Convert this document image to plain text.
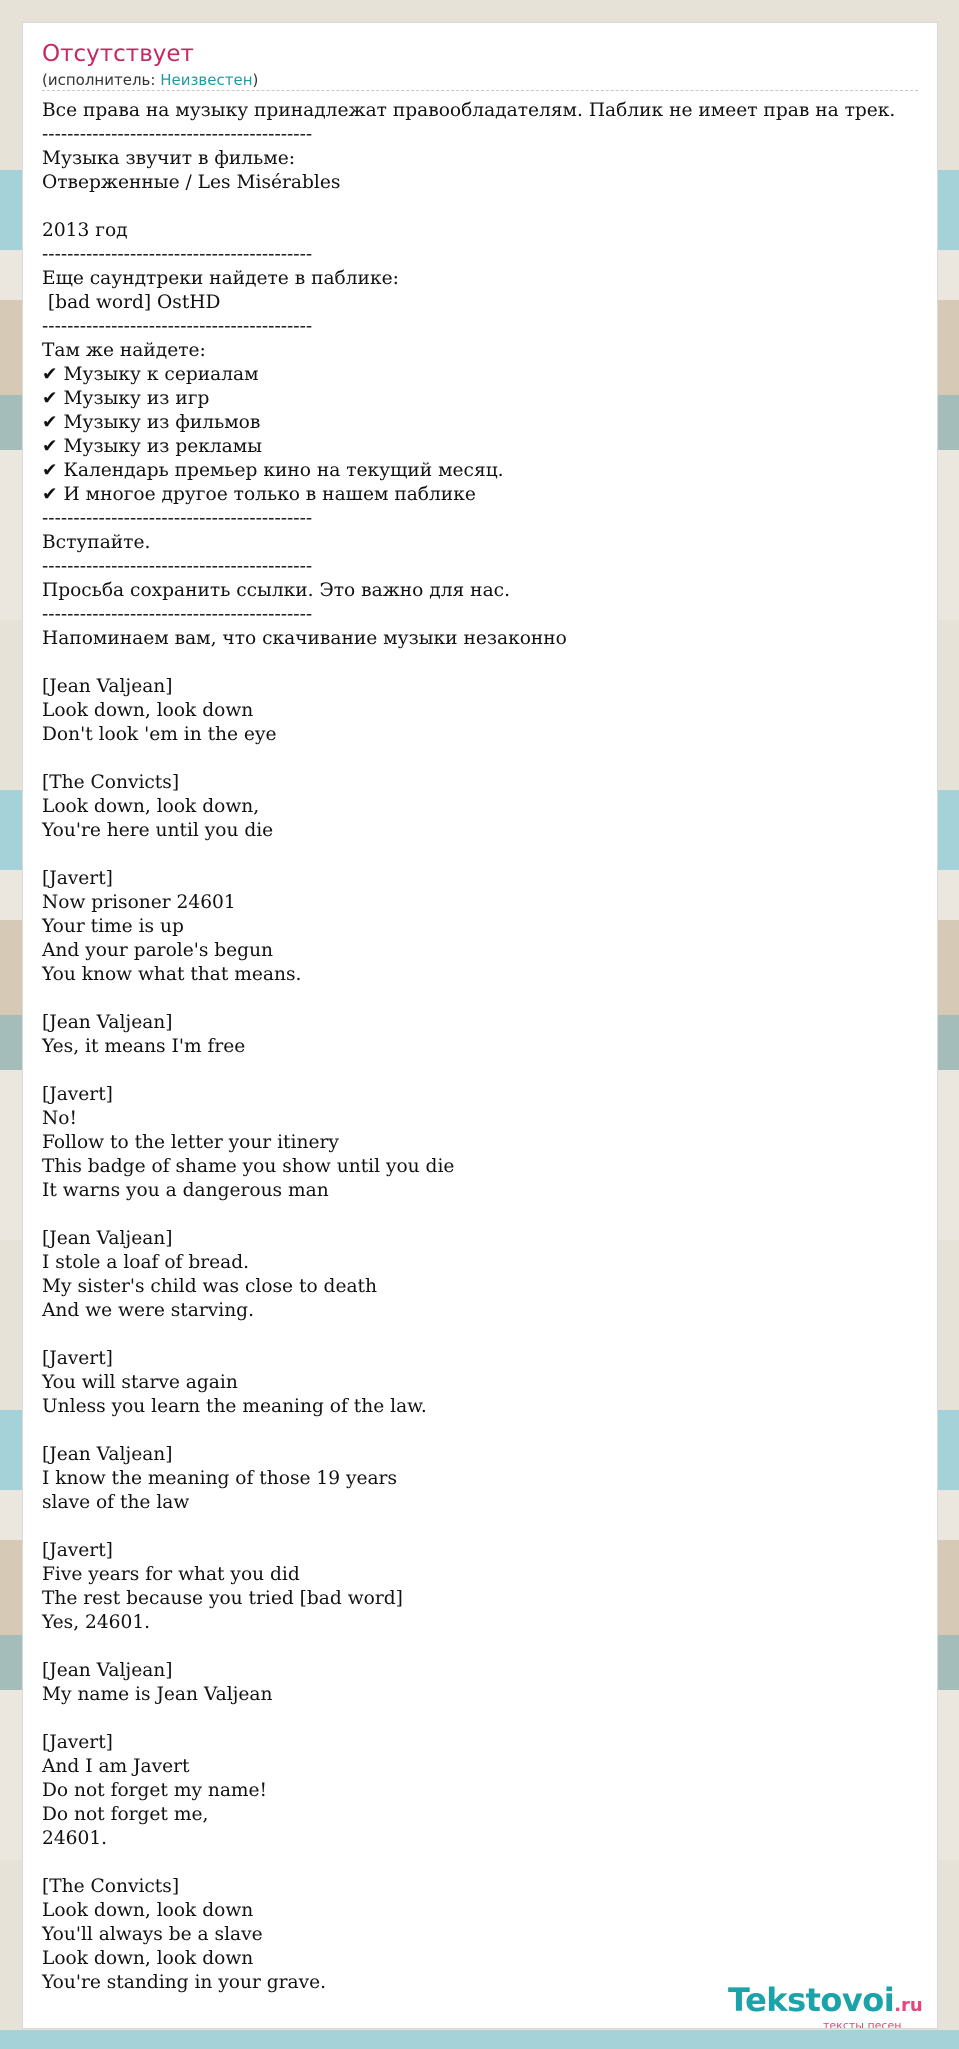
Отсутствует
(исполнитель: Неизвестен)
Все права на музыку принадлежат правообладателям. Паблик не имеет прав на трек.
-------------------------------------------
Музыка звучит в фильме:
Отверженные / Les Misérables

2013 год
-------------------------------------------
Еще саундтреки найдете в паблике:
[bad word] OstHD
-------------------------------------------
Там же найдете:
✔ Музыку к сериалам
✔ Музыку из игр
✔ Музыку из фильмов
✔ Музыку из рекламы
✔ Календарь премьер кино на текущий месяц.
✔ И многое другое только в нашем паблике
-------------------------------------------
Вступайте.
-------------------------------------------
Просьба сохранить ссылки. Это важно для нас.
-------------------------------------------
Напоминаем вам, что скачивание музыки незаконно

[Jean Valjean]
Look down, look down
Don't look 'em in the eye

[The Convicts]
Look down, look down,
You're here until you die

[Javert]
Now prisoner 24601
Your time is up
And your parole's begun
You know what that means.

[Jean Valjean]
Yes, it means I'm free

[Javert]
No!
Follow to the letter your itinery
This badge of shame you show until you die
It warns you a dangerous man

[Jean Valjean]
I stole a loaf of bread.
My sister's child was close to death
And we were starving.

[Javert]
You will starve again
Unless you learn the meaning of the law.

[Jean Valjean]
I know the meaning of those 19 years
slave of the law

[Javert]
Five years for what you did
The rest because you tried [bad word]
Yes, 24601.

[Jean Valjean]
My name is Jean Valjean

[Javert]
And I am Javert
Do not forget my name!
Do not forget me,
24601.

[The Convicts]
Look down, look down
You'll always be a slave
Look down, look down
You're standing in your grave.	Tekstovoi.ru
тексты песен
